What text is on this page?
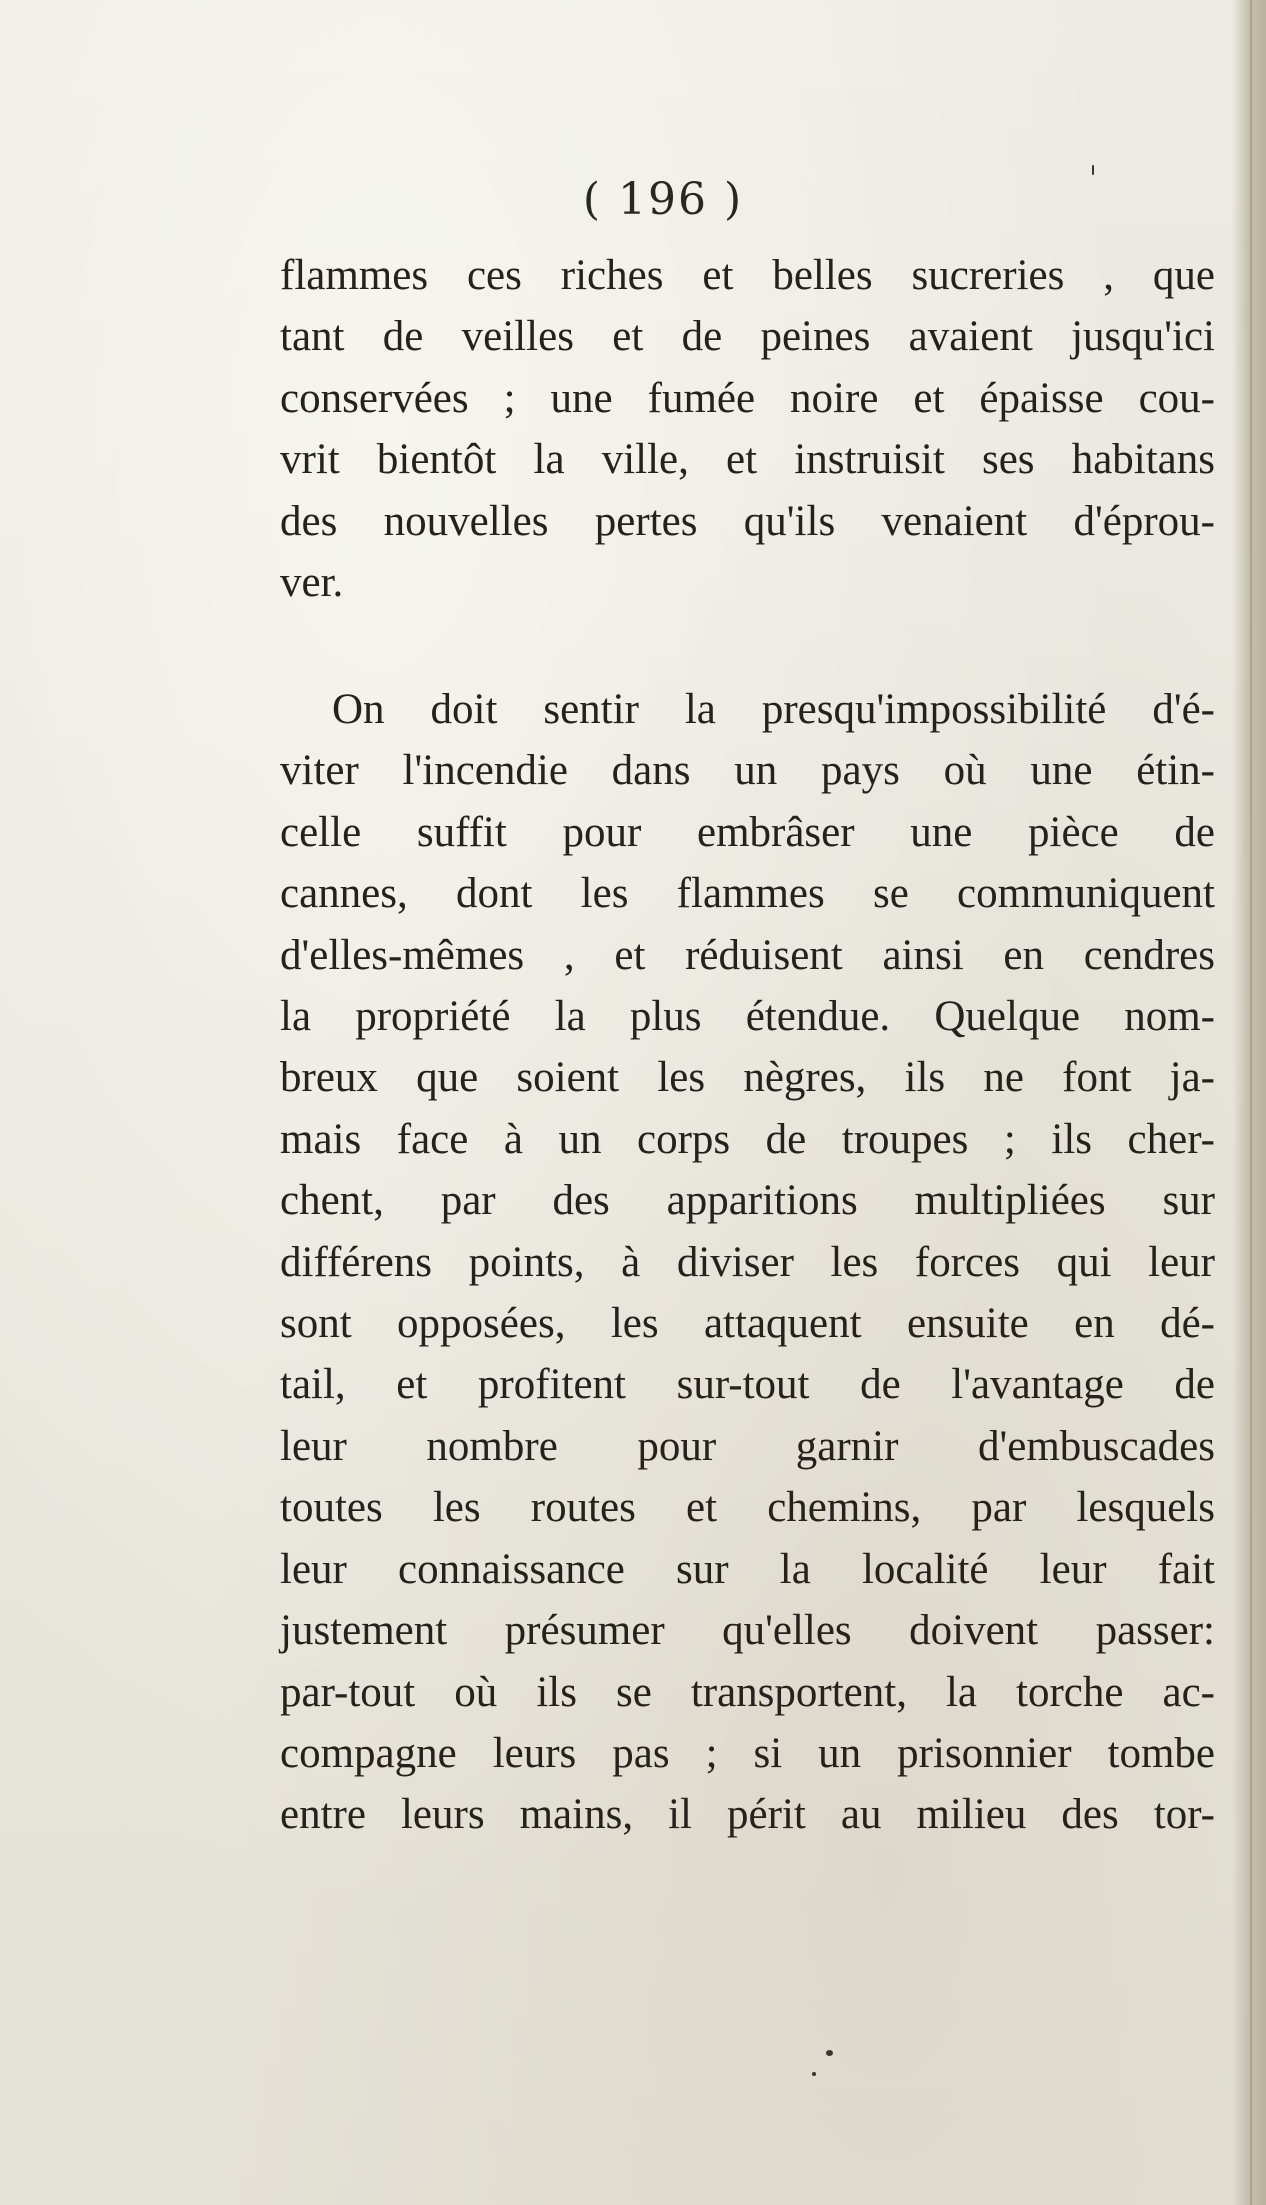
( 196 )
flammes ces riches et belles sucreries , que
tant de veilles et de peines avaient jusqu'ici
conservées ; une fumée noire et épaisse cou-
vrit bientôt la ville, et instruisit ses habitans
des nouvelles pertes qu'ils venaient d'éprou-
ver.
On doit sentir la presqu'impossibilité d'é-
viter l'incendie dans un pays où une étin-
celle suffit pour embrâser une pièce de
cannes, dont les flammes se communiquent
d'elles-mêmes , et réduisent ainsi en cendres
la propriété la plus étendue. Quelque nom-
breux que soient les nègres, ils ne font ja-
mais face à un corps de troupes ; ils cher-
chent, par des apparitions multipliées sur
différens points, à diviser les forces qui leur
sont opposées, les attaquent ensuite en dé-
tail, et profitent sur-tout de l'avantage de
leur nombre pour garnir d'embuscades
toutes les routes et chemins, par lesquels
leur connaissance sur la localité leur fait
justement présumer qu'elles doivent passer:
par-tout où ils se transportent, la torche ac-
compagne leurs pas ; si un prisonnier tombe
entre leurs mains, il périt au milieu des tor-
